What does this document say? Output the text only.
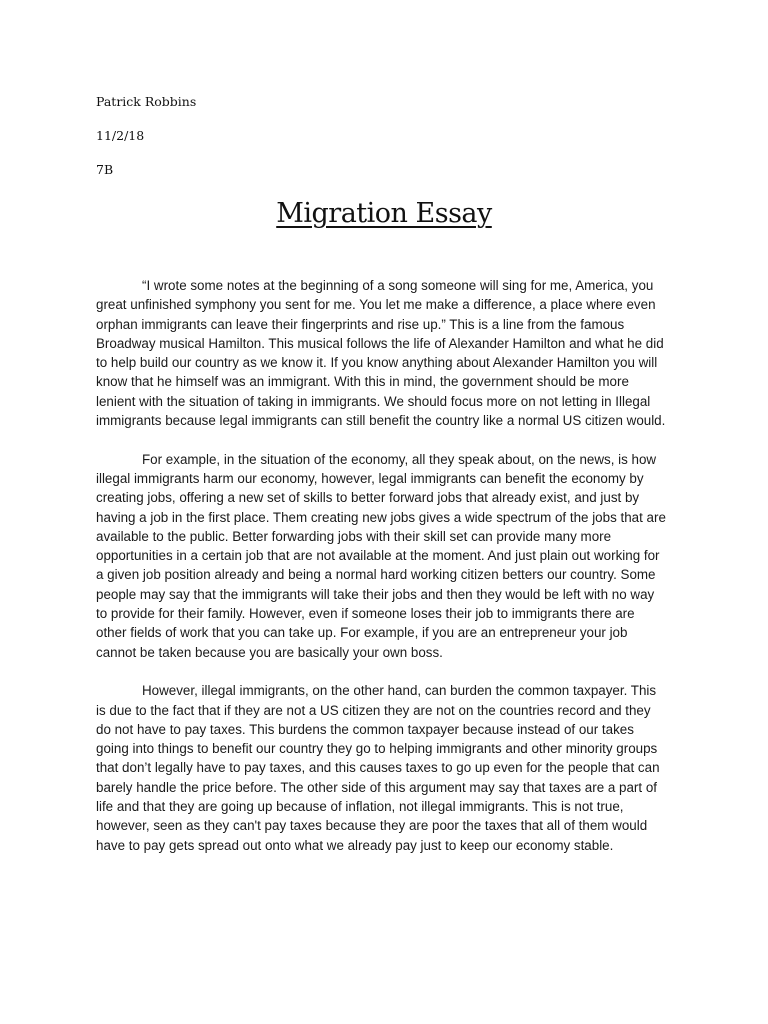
Patrick Robbins
11/2/18
7B
Migration Essay

“I wrote some notes at the beginning of a song someone will sing for me, America, you great unfinished symphony you sent for me. You let me make a difference, a place where even orphan immigrants can leave their fingerprints and rise up.” This is a line from the famous Broadway musical Hamilton. This musical follows the life of Alexander Hamilton and what he did to help build our country as we know it. If you know anything about Alexander Hamilton you will know that he himself was an immigrant. With this in mind, the government should be more lenient with the situation of taking in immigrants. We should focus more on not letting in Illegal immigrants because legal immigrants can still benefit the country like a normal US citizen would.

For example, in the situation of the economy, all they speak about, on the news, is how illegal immigrants harm our economy, however, legal immigrants can benefit the economy by creating jobs, offering a new set of skills to better forward jobs that already exist, and just by having a job in the first place. Them creating new jobs gives a wide spectrum of the jobs that are available to the public. Better forwarding jobs with their skill set can provide many more opportunities in a certain job that are not available at the moment. And just plain out working for a given job position already and being a normal hard working citizen betters our country. Some people may say that the immigrants will take their jobs and then they would be left with no way to provide for their family. However, even if someone loses their job to immigrants there are other fields of work that you can take up. For example, if you are an entrepreneur your job cannot be taken because you are basically your own boss.

However, illegal immigrants, on the other hand, can burden the common taxpayer. This is due to the fact that if they are not a US citizen they are not on the countries record and they do not have to pay taxes. This burdens the common taxpayer because instead of our takes going into things to benefit our country they go to helping immigrants and other minority groups that don’t legally have to pay taxes, and this causes taxes to go up even for the people that can barely handle the price before. The other side of this argument may say that taxes are a part of life and that they are going up because of inflation, not illegal immigrants. This is not true, however, seen as they can't pay taxes because they are poor the taxes that all of them would have to pay gets spread out onto what we already pay just to keep our economy stable.
